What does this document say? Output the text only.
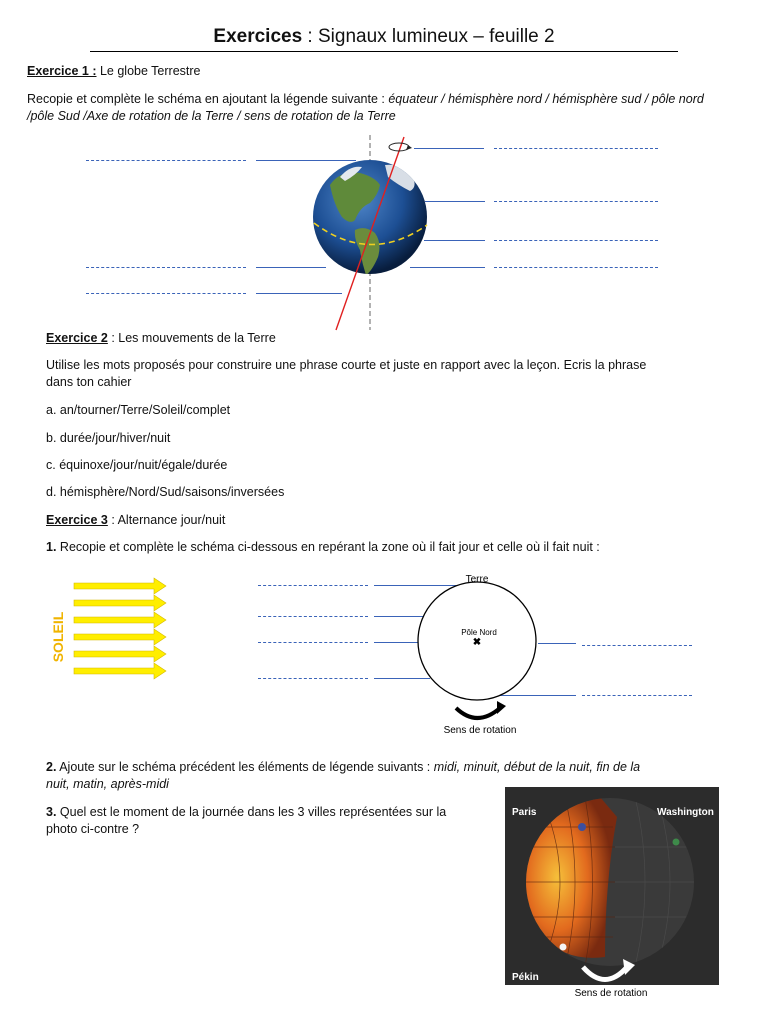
Exercices : Signaux lumineux – feuille 2
Exercice 1 : Le globe Terrestre
Recopie et complète le schéma en ajoutant la légende suivante : équateur / hémisphère nord / hémisphère sud / pôle nord
/pôle Sud /Axe de rotation de la Terre / sens de rotation de la Terre
Exercice 2 : Les mouvements de la Terre
Utilise les mots proposés pour construire une phrase courte et juste en rapport avec la leçon. Ecris la phrase
dans ton cahier
a. an/tourner/Terre/Soleil/complet
b. durée/jour/hiver/nuit
c. équinoxe/jour/nuit/égale/durée
d. hémisphère/Nord/Sud/saisons/inversées
Exercice 3 : Alternance jour/nuit
1. Recopie et complète le schéma ci-dessous en repérant la zone où il fait jour et celle où il fait nuit :
SOLEIL
Terre
Pôle Nord
✖
Sens de rotation
2. Ajoute sur le schéma précédent les éléments de légende suivants : midi, minuit, début de la nuit, fin de la
nuit, matin, après-midi
3. Quel est le moment de la journée dans les 3 villes représentées sur la
photo ci-contre ?
Paris	Washington
Pékin
Sens de rotation
